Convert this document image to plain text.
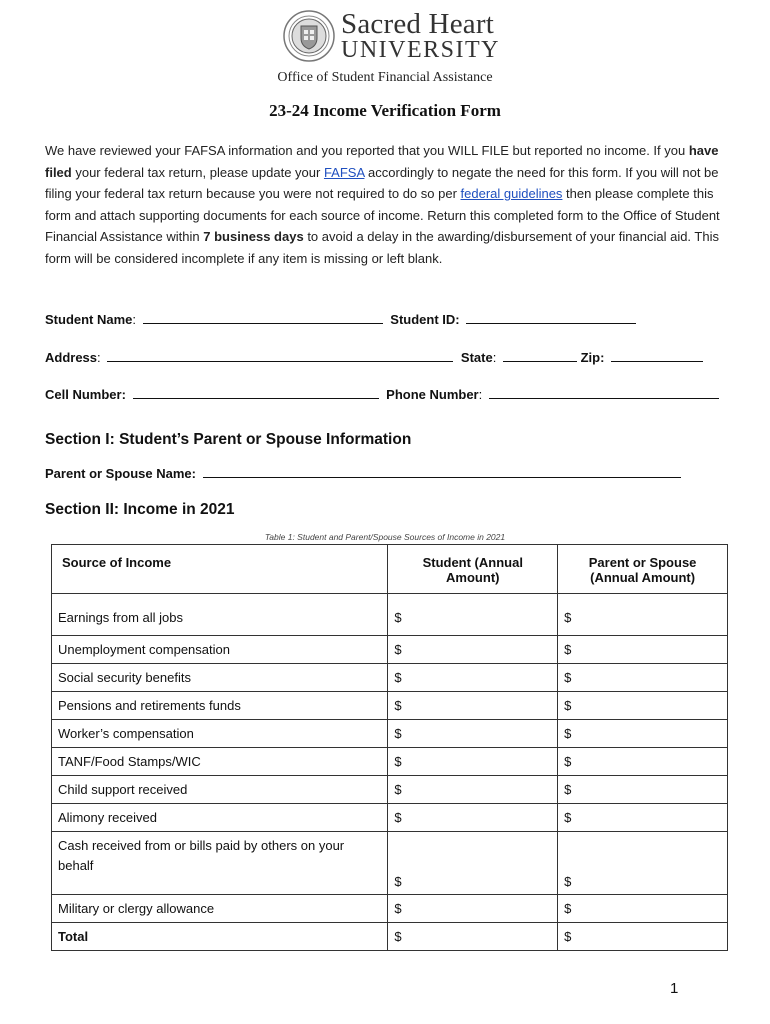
Sacred Heart
UNIVERSITY
Office of Student Financial Assistance
23-24 Income Verification Form
We have reviewed your FAFSA information and you reported that you WILL FILE but reported no income. If you have filed your federal tax return, please update your FAFSA accordingly to negate the need for this form. If you will not be filing your federal tax return because you were not required to do so per federal guidelines then please complete this form and attach supporting documents for each source of income. Return this completed form to the Office of Student Financial Assistance within 7 business days to avoid a delay in the awarding/disbursement of your financial aid. This form will be considered incomplete if any item is missing or left blank.
Student Name:	Student ID:
Address:	State:	Zip:
Cell Number:	Phone Number:
Section I: Student’s Parent or Spouse Information
Parent or Spouse Name:
Section II: Income in 2021
Table 1: Student and Parent/Spouse Sources of Income in 2021
Source of Income	Student (Annual Amount)	Parent or Spouse (Annual Amount)
Earnings from all jobs	$	$
Unemployment compensation	$	$
Social security benefits	$	$
Pensions and retirements funds	$	$
Worker’s compensation	$	$
TANF/Food Stamps/WIC	$	$
Child support received	$	$
Alimony received	$	$
Cash received from or bills paid by others on your behalf	$	$
Military or clergy allowance	$	$
Total	$	$
1
